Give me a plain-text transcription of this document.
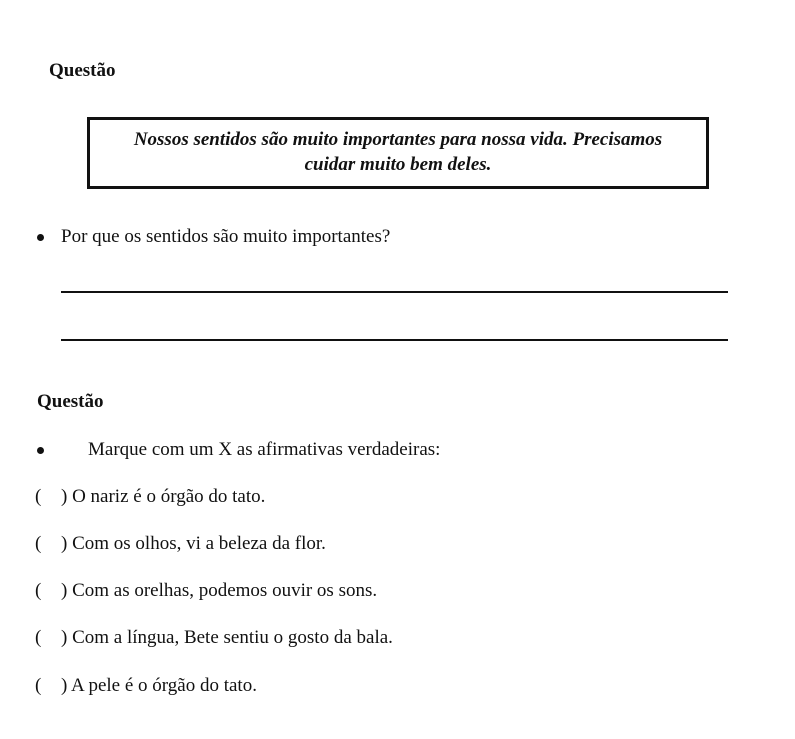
Questão
Nossos sentidos são muito importantes para nossa vida. Precisamos cuidar muito bem deles.
Por que os sentidos são muito importantes?
Questão
Marque com um X as afirmativas verdadeiras:
( ) O nariz é o órgão do tato.
( ) Com os olhos, vi a beleza da flor.
( ) Com as orelhas, podemos ouvir os sons.
( ) Com a língua, Bete sentiu o gosto da bala.
( ) A pele é o órgão do tato.
